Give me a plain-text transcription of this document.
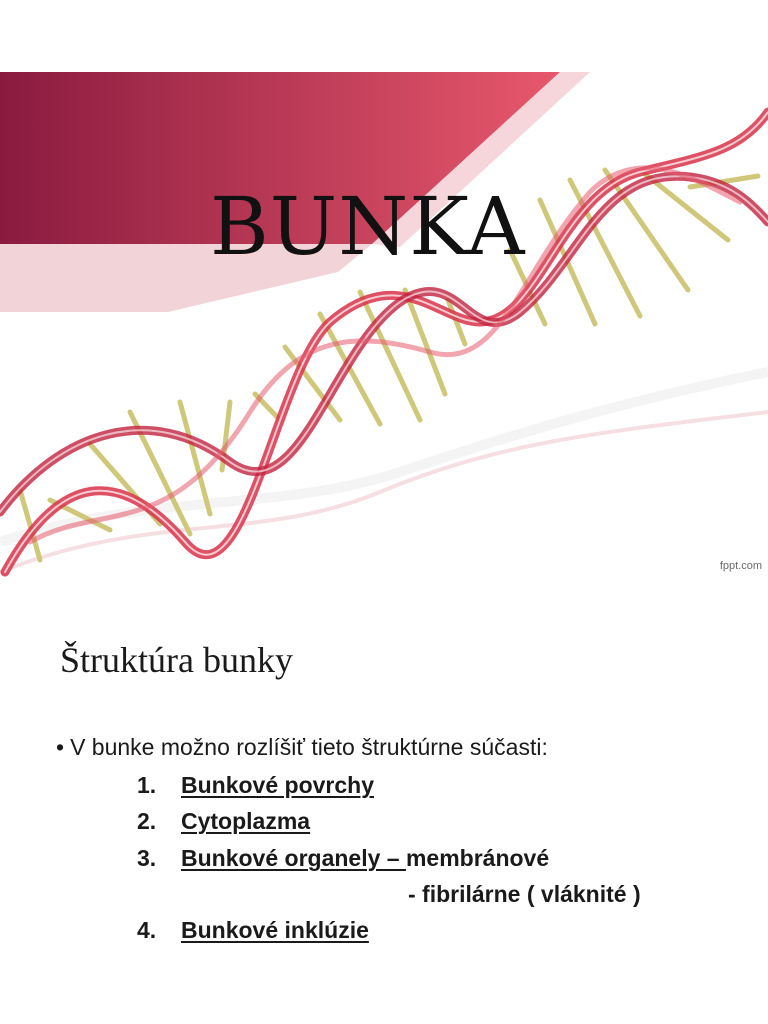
BUNKA
fppt.com
Štruktúra bunky
• V bunke možno rozlíšiť tieto štruktúrne súčasti:
1. Bunkové povrchy
2. Cytoplazma
3. Bunkové organely – membránové
- fibrilárne ( vláknité )
4. Bunkové inklúzie
